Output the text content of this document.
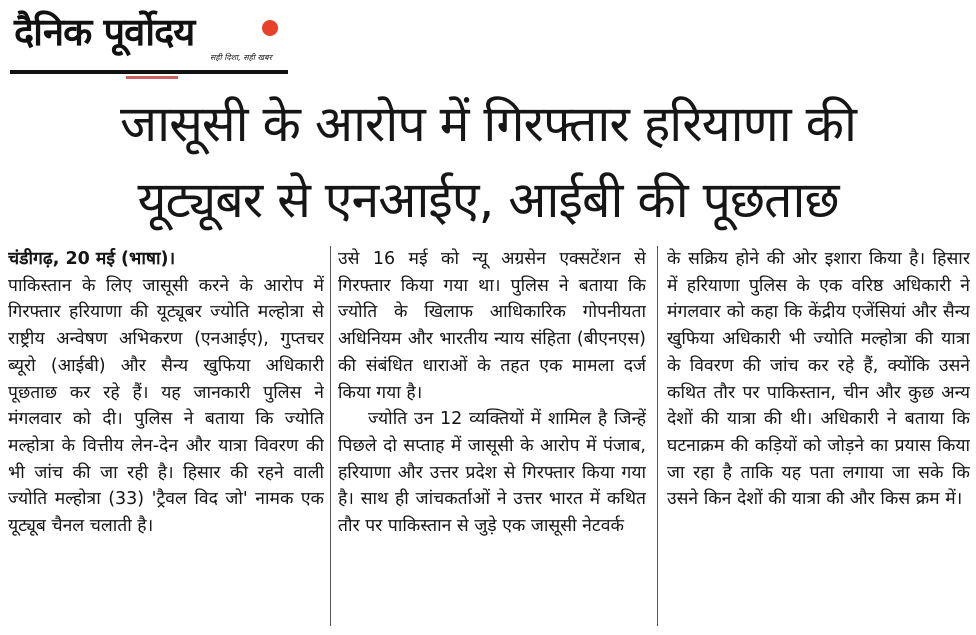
दैनिक पूर्वोदय
सही दिशा, सही खबर
जासूसी के आरोप में गिरफ्तार हरियाणा की
यूट्यूबर से एनआईए, आईबी की पूछताछ

चंडीगढ़, 20 मई (भाषा)।

पाकिस्तान के लिए जासूसी करने के आरोप में गिरफ्तार हरियाणा की यूट्यूबर ज्योति मल्होत्रा से राष्ट्रीय अन्वेषण अभिकरण (एनआईए), गुप्तचर ब्यूरो (आईबी) और सैन्य खुफिया अधिकारी पूछताछ कर रहे हैं। यह जानकारी पुलिस ने मंगलवार को दी। पुलिस ने बताया कि ज्योति मल्होत्रा के वित्तीय लेन-देन और यात्रा विवरण की भी जांच की जा रही है। हिसार की रहने वाली ज्योति मल्होत्रा (33) 'ट्रैवल विद जो' नामक एक यूट्यूब चैनल चलाती है।

उसे 16 मई को न्यू अग्रसेन एक्सटेंशन से गिरफ्तार किया गया था। पुलिस ने बताया कि ज्योति के खिलाफ आधिकारिक गोपनीयता अधिनियम और भारतीय न्याय संहिता (बीएनएस) की संबंधित धाराओं के तहत एक मामला दर्ज किया गया है।

ज्योति उन 12 व्यक्तियों में शामिल है जिन्हें पिछले दो सप्ताह में जासूसी के आरोप में पंजाब, हरियाणा और उत्तर प्रदेश से गिरफ्तार किया गया है। साथ ही जांचकर्ताओं ने उत्तर भारत में कथित तौर पर पाकिस्तान से जुड़े एक जासूसी नेटवर्क

के सक्रिय होने की ओर इशारा किया है। हिसार में हरियाणा पुलिस के एक वरिष्ठ अधिकारी ने मंगलवार को कहा कि केंद्रीय एजेंसियां और सैन्य खुफिया अधिकारी भी ज्योति मल्होत्रा की यात्रा के विवरण की जांच कर रहे हैं, क्योंकि उसने कथित तौर पर पाकिस्तान, चीन और कुछ अन्य देशों की यात्रा की थी। अधिकारी ने बताया कि घटनाक्रम की कड़ियों को जोड़ने का प्रयास किया जा रहा है ताकि यह पता लगाया जा सके कि उसने किन देशों की यात्रा की और किस क्रम में।
